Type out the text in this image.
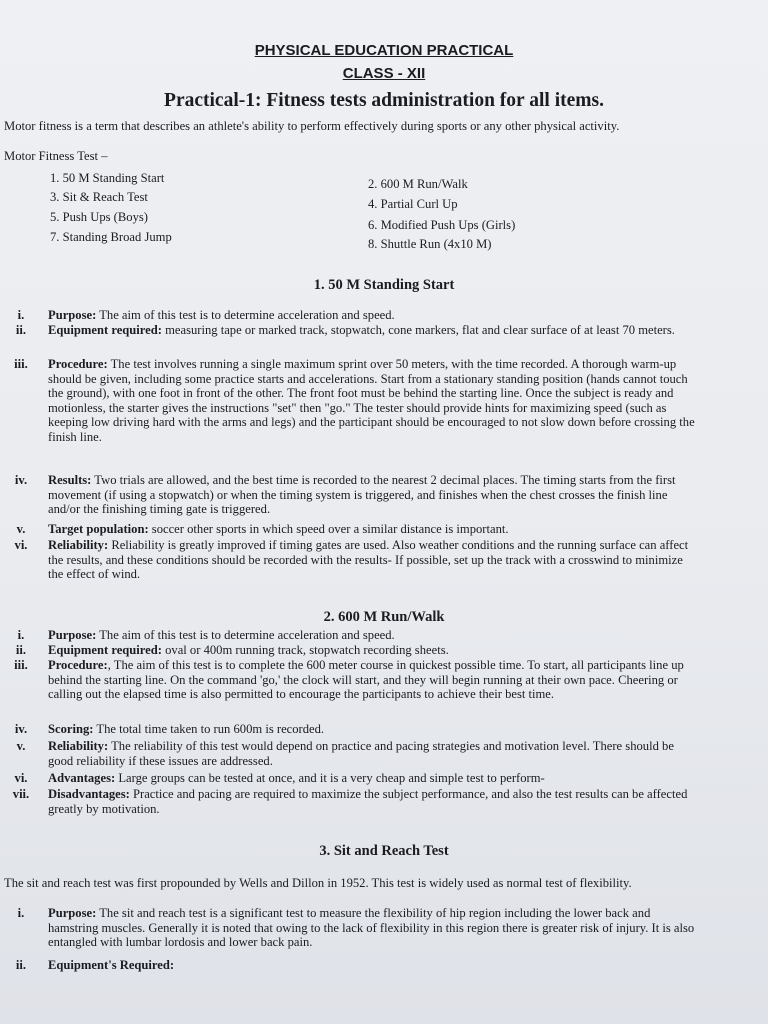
PHYSICAL EDUCATION PRACTICAL
CLASS - XII
Practical-1: Fitness tests administration for all items.

Motor fitness is a term that describes an athlete's ability to perform effectively during sports or any other physical activity.

Motor Fitness Test –
1. 50 M Standing Start
3. Sit & Reach Test
5. Push Ups (Boys)
7. Standing Broad Jump
2. 600 M Run/Walk
4. Partial Curl Up
6. Modified Push Ups (Girls)
8. Shuttle Run (4x10 M)
1. 50 M Standing Start
i.	Purpose: The aim of this test is to determine acceleration and speed.
ii.	Equipment required: measuring tape or marked track, stopwatch, cone markers, flat and clear surface of at least 70 meters.
iii.	Procedure: The test involves running a single maximum sprint over 50 meters, with the time recorded. A thorough warm-up should be given, including some practice starts and accelerations. Start from a stationary standing position (hands cannot touch the ground), with one foot in front of the other. The front foot must be behind the starting line. Once the subject is ready and motionless, the starter gives the instructions "set" then "go." The tester should provide hints for maximizing speed (such as keeping low driving hard with the arms and legs) and the participant should be encouraged to not slow down before crossing the finish line.
iv.	Results: Two trials are allowed, and the best time is recorded to the nearest 2 decimal places. The timing starts from the first movement (if using a stopwatch) or when the timing system is triggered, and finishes when the chest crosses the finish line and/or the finishing timing gate is triggered.
v.	Target population: soccer other sports in which speed over a similar distance is important.
vi.	Reliability: Reliability is greatly improved if timing gates are used. Also weather conditions and the running surface can affect the results, and these conditions should be recorded with the results- If possible, set up the track with a crosswind to minimize the effect of wind.
2. 600 M Run/Walk
i.	Purpose: The aim of this test is to determine acceleration and speed.
ii.	Equipment required: oval or 400m running track, stopwatch recording sheets.
iii.	Procedure:, The aim of this test is to complete the 600 meter course in quickest possible time. To start, all participants line up behind the starting line. On the command 'go,' the clock will start, and they will begin running at their own pace. Cheering or calling out the elapsed time is also permitted to encourage the participants to achieve their best time.
iv.	Scoring: The total time taken to run 600m is recorded.
v.	Reliability: The reliability of this test would depend on practice and pacing strategies and motivation level. There should be good reliability if these issues are addressed.
vi.	Advantages: Large groups can be tested at once, and it is a very cheap and simple test to perform-
vii.	Disadvantages: Practice and pacing are required to maximize the subject performance, and also the test results can be affected greatly by motivation.
3. Sit and Reach Test

The sit and reach test was first propounded by Wells and Dillon in 1952. This test is widely used as normal test of flexibility.

i.	Purpose: The sit and reach test is a significant test to measure the flexibility of hip region including the lower back and hamstring muscles. Generally it is noted that owing to the lack of flexibility in this region there is greater risk of injury. It is also entangled with lumbar lordosis and lower back pain.
ii.	Equipment's Required:
